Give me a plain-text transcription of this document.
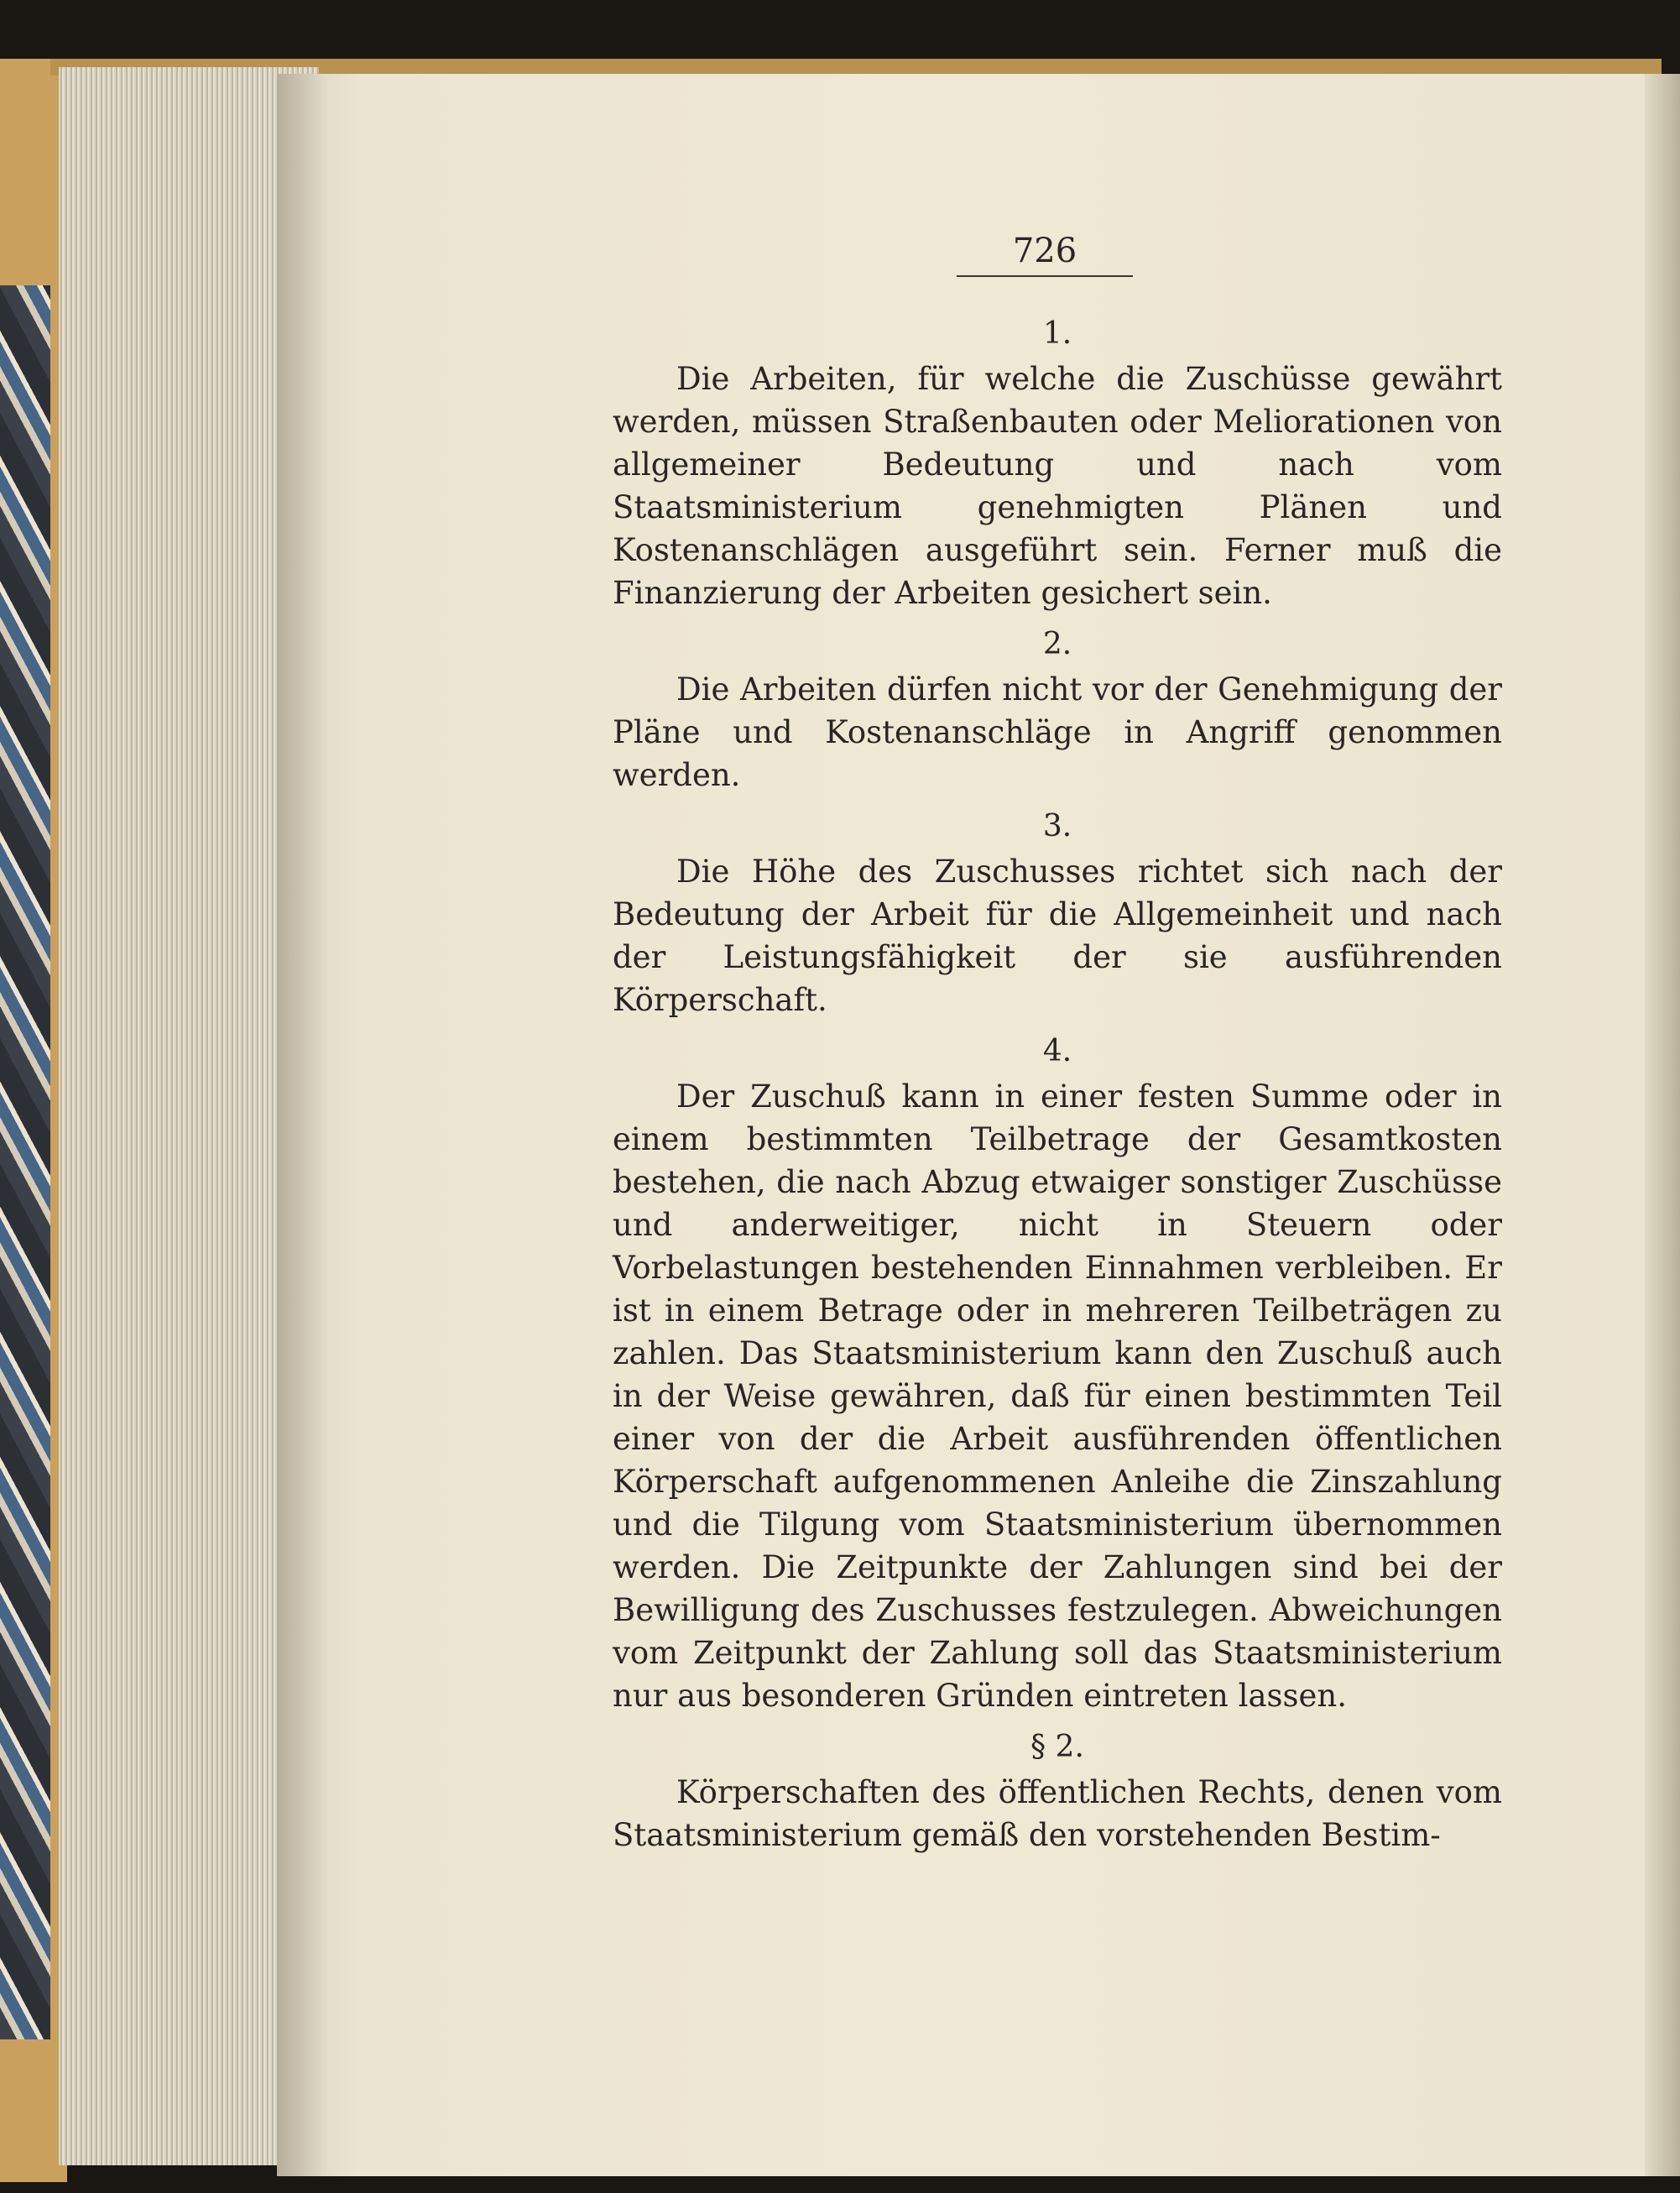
726
1.

Die Arbeiten, für welche die Zuschüsse gewährt werden, müssen Straßenbauten oder Meliorationen von allgemeiner Bedeutung und nach vom Staatsministerium genehmigten Plänen und Kostenanschlägen ausgeführt sein. Ferner muß die Finanzierung der Arbeiten gesichert sein.

2.

Die Arbeiten dürfen nicht vor der Genehmigung der Pläne und Kostenanschläge in Angriff genommen werden.

3.

Die Höhe des Zuschusses richtet sich nach der Bedeutung der Arbeit für die Allgemeinheit und nach der Leistungsfähigkeit der sie ausführenden Körperschaft.

4.

Der Zuschuß kann in einer festen Summe oder in einem bestimmten Teilbetrage der Gesamtkosten bestehen, die nach Abzug etwaiger sonstiger Zuschüsse und anderweitiger, nicht in Steuern oder Vorbelastungen bestehenden Einnahmen verbleiben. Er ist in einem Betrage oder in mehreren Teilbeträgen zu zahlen. Das Staatsministerium kann den Zuschuß auch in der Weise gewähren, daß für einen bestimmten Teil einer von der die Arbeit ausführenden öffentlichen Körperschaft aufgenommenen Anleihe die Zinszahlung und die Tilgung vom Staatsministerium übernommen werden. Die Zeitpunkte der Zahlungen sind bei der Bewilligung des Zuschusses festzulegen. Abweichungen vom Zeitpunkt der Zahlung soll das Staatsministerium nur aus besonderen Gründen eintreten lassen.

§ 2.

Körperschaften des öffentlichen Rechts, denen vom Staatsministerium gemäß den vorstehenden Bestim-
